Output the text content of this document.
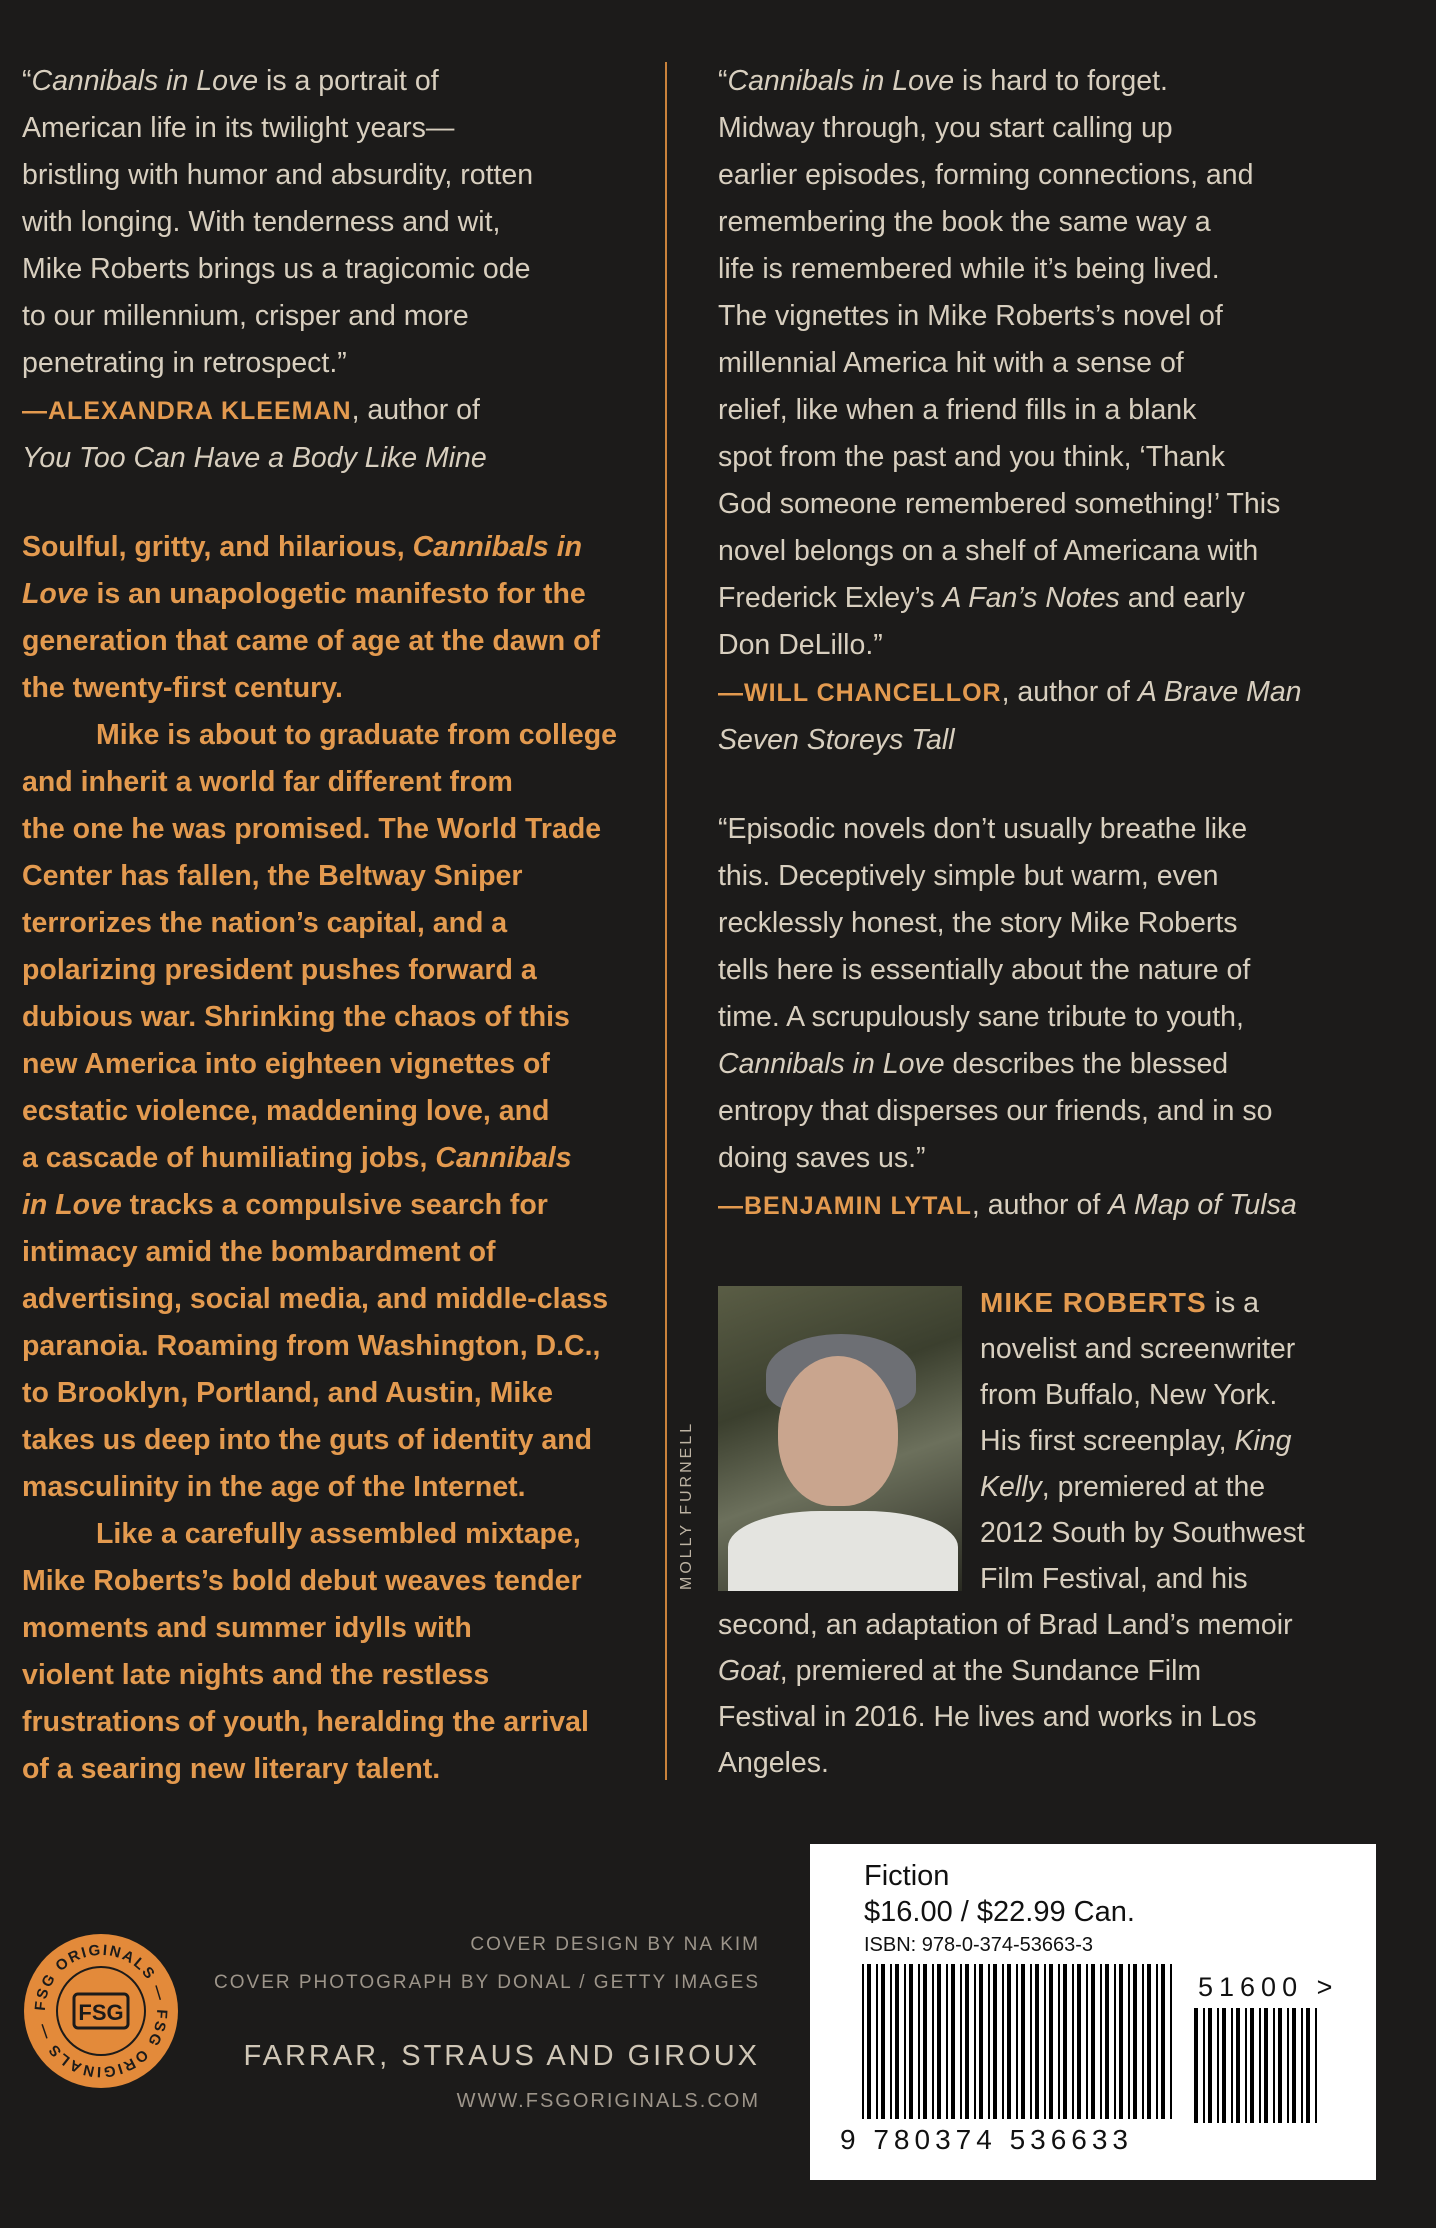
“Cannibals in Love is a portrait of
American life in its twilight years—
bristling with humor and absurdity, rotten
with longing. With tenderness and wit,
Mike Roberts brings us a tragicomic ode
to our millennium, crisper and more
penetrating in retrospect.”
—ALEXANDRA KLEEMAN, author of
You Too Can Have a Body Like Mine
Soulful, gritty, and hilarious, Cannibals in
Love is an unapologetic manifesto for the
generation that came of age at the dawn of
the twenty-first century.
Mike is about to graduate from college
and inherit a world far different from
the one he was promised. The World Trade
Center has fallen, the Beltway Sniper
terrorizes the nation’s capital, and a
polarizing president pushes forward a
dubious war. Shrinking the chaos of this
new America into eighteen vignettes of
ecstatic violence, maddening love, and
a cascade of humiliating jobs, Cannibals
in Love tracks a compulsive search for
intimacy amid the bombardment of
advertising, social media, and middle-class
paranoia. Roaming from Washington, D.C.,
to Brooklyn, Portland, and Austin, Mike
takes us deep into the guts of identity and
masculinity in the age of the Internet.
Like a carefully assembled mixtape,
Mike Roberts’s bold debut weaves tender
moments and summer idylls with
violent late nights and the restless
frustrations of youth, heralding the arrival
of a searing new literary talent.
“Cannibals in Love is hard to forget.
Midway through, you start calling up
earlier episodes, forming connections, and
remembering the book the same way a
life is remembered while it’s being lived.
The vignettes in Mike Roberts’s novel of
millennial America hit with a sense of
relief, like when a friend fills in a blank
spot from the past and you think, ‘Thank
God someone remembered something!’ This
novel belongs on a shelf of Americana with
Frederick Exley’s A Fan’s Notes and early
Don DeLillo.”
—WILL CHANCELLOR, author of A Brave Man
Seven Storeys Tall
“Episodic novels don’t usually breathe like
this. Deceptively simple but warm, even
recklessly honest, the story Mike Roberts
tells here is essentially about the nature of
time. A scrupulously sane tribute to youth,
Cannibals in Love describes the blessed
entropy that disperses our friends, and in so
doing saves us.”
—BENJAMIN LYTAL, author of A Map of Tulsa
MOLLY FURNELL
MIKE ROBERTS is a
novelist and screenwriter
from Buffalo, New York.
His first screenplay, King
Kelly, premiered at the
2012 South by Southwest
Film Festival, and his
second, an adaptation of Brad Land’s memoir
Goat, premiered at the Sundance Film
Festival in 2016. He lives and works in Los
Angeles.
COVER DESIGN BY NA KIM
COVER PHOTOGRAPH BY DONAL / GETTY IMAGES
FARRAR, STRAUS AND GIROUX
WWW.FSGORIGINALS.COM
FSG ORIGINALS — FSG ORIGINALS —
FSG
Fiction
$16.00 / $22.99 Can.
ISBN: 978-0-374-53663-3
51600 >
9 780374 536633
